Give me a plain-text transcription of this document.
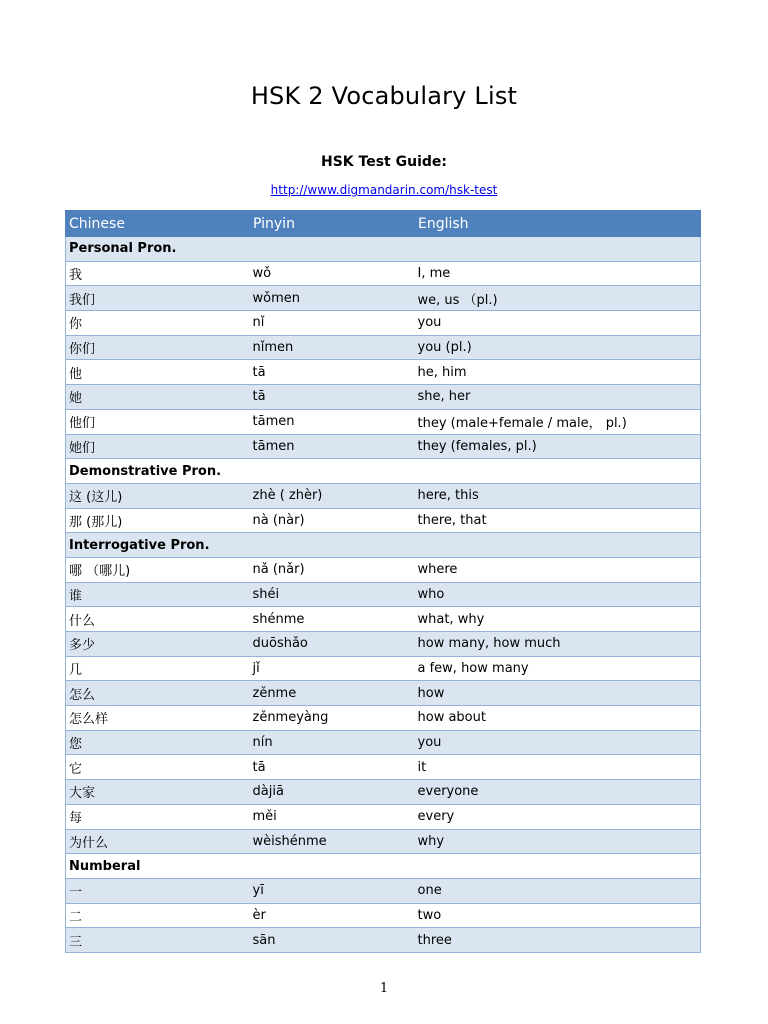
HSK 2 Vocabulary List
HSK Test Guide:
http://www.digmandarin.com/hsk-test
Chinese	Pinyin	English
Personal Pron.		
我	wǒ	I, me
我们	wǒmen	we, us （pl.)
你	nǐ	you
你们	nǐmen	you (pl.)
他	tā	he, him
她	tā	she, her
他们	tāmen	they (male+female / male， pl.)
她们	tāmen	they (females, pl.)
Demonstrative Pron.		
这 (这儿)	zhè ( zhèr)	here, this
那 (那儿)	nà (nàr)	there, that
Interrogative Pron.		
哪 （哪儿)	nǎ (nǎr)	where
谁	shéi	who
什么	shénme	what, why
多少	duōshǎo	how many, how much
几	jǐ	a few, how many
怎么	zěnme	how
怎么样	zěnmeyàng	how about
您	nín	you
它	tā	it
大家	dàjiā	everyone
每	měi	every
为什么	wèishénme	why
Numberal		
一	yī	one
二	èr	two
三	sān	three
1
